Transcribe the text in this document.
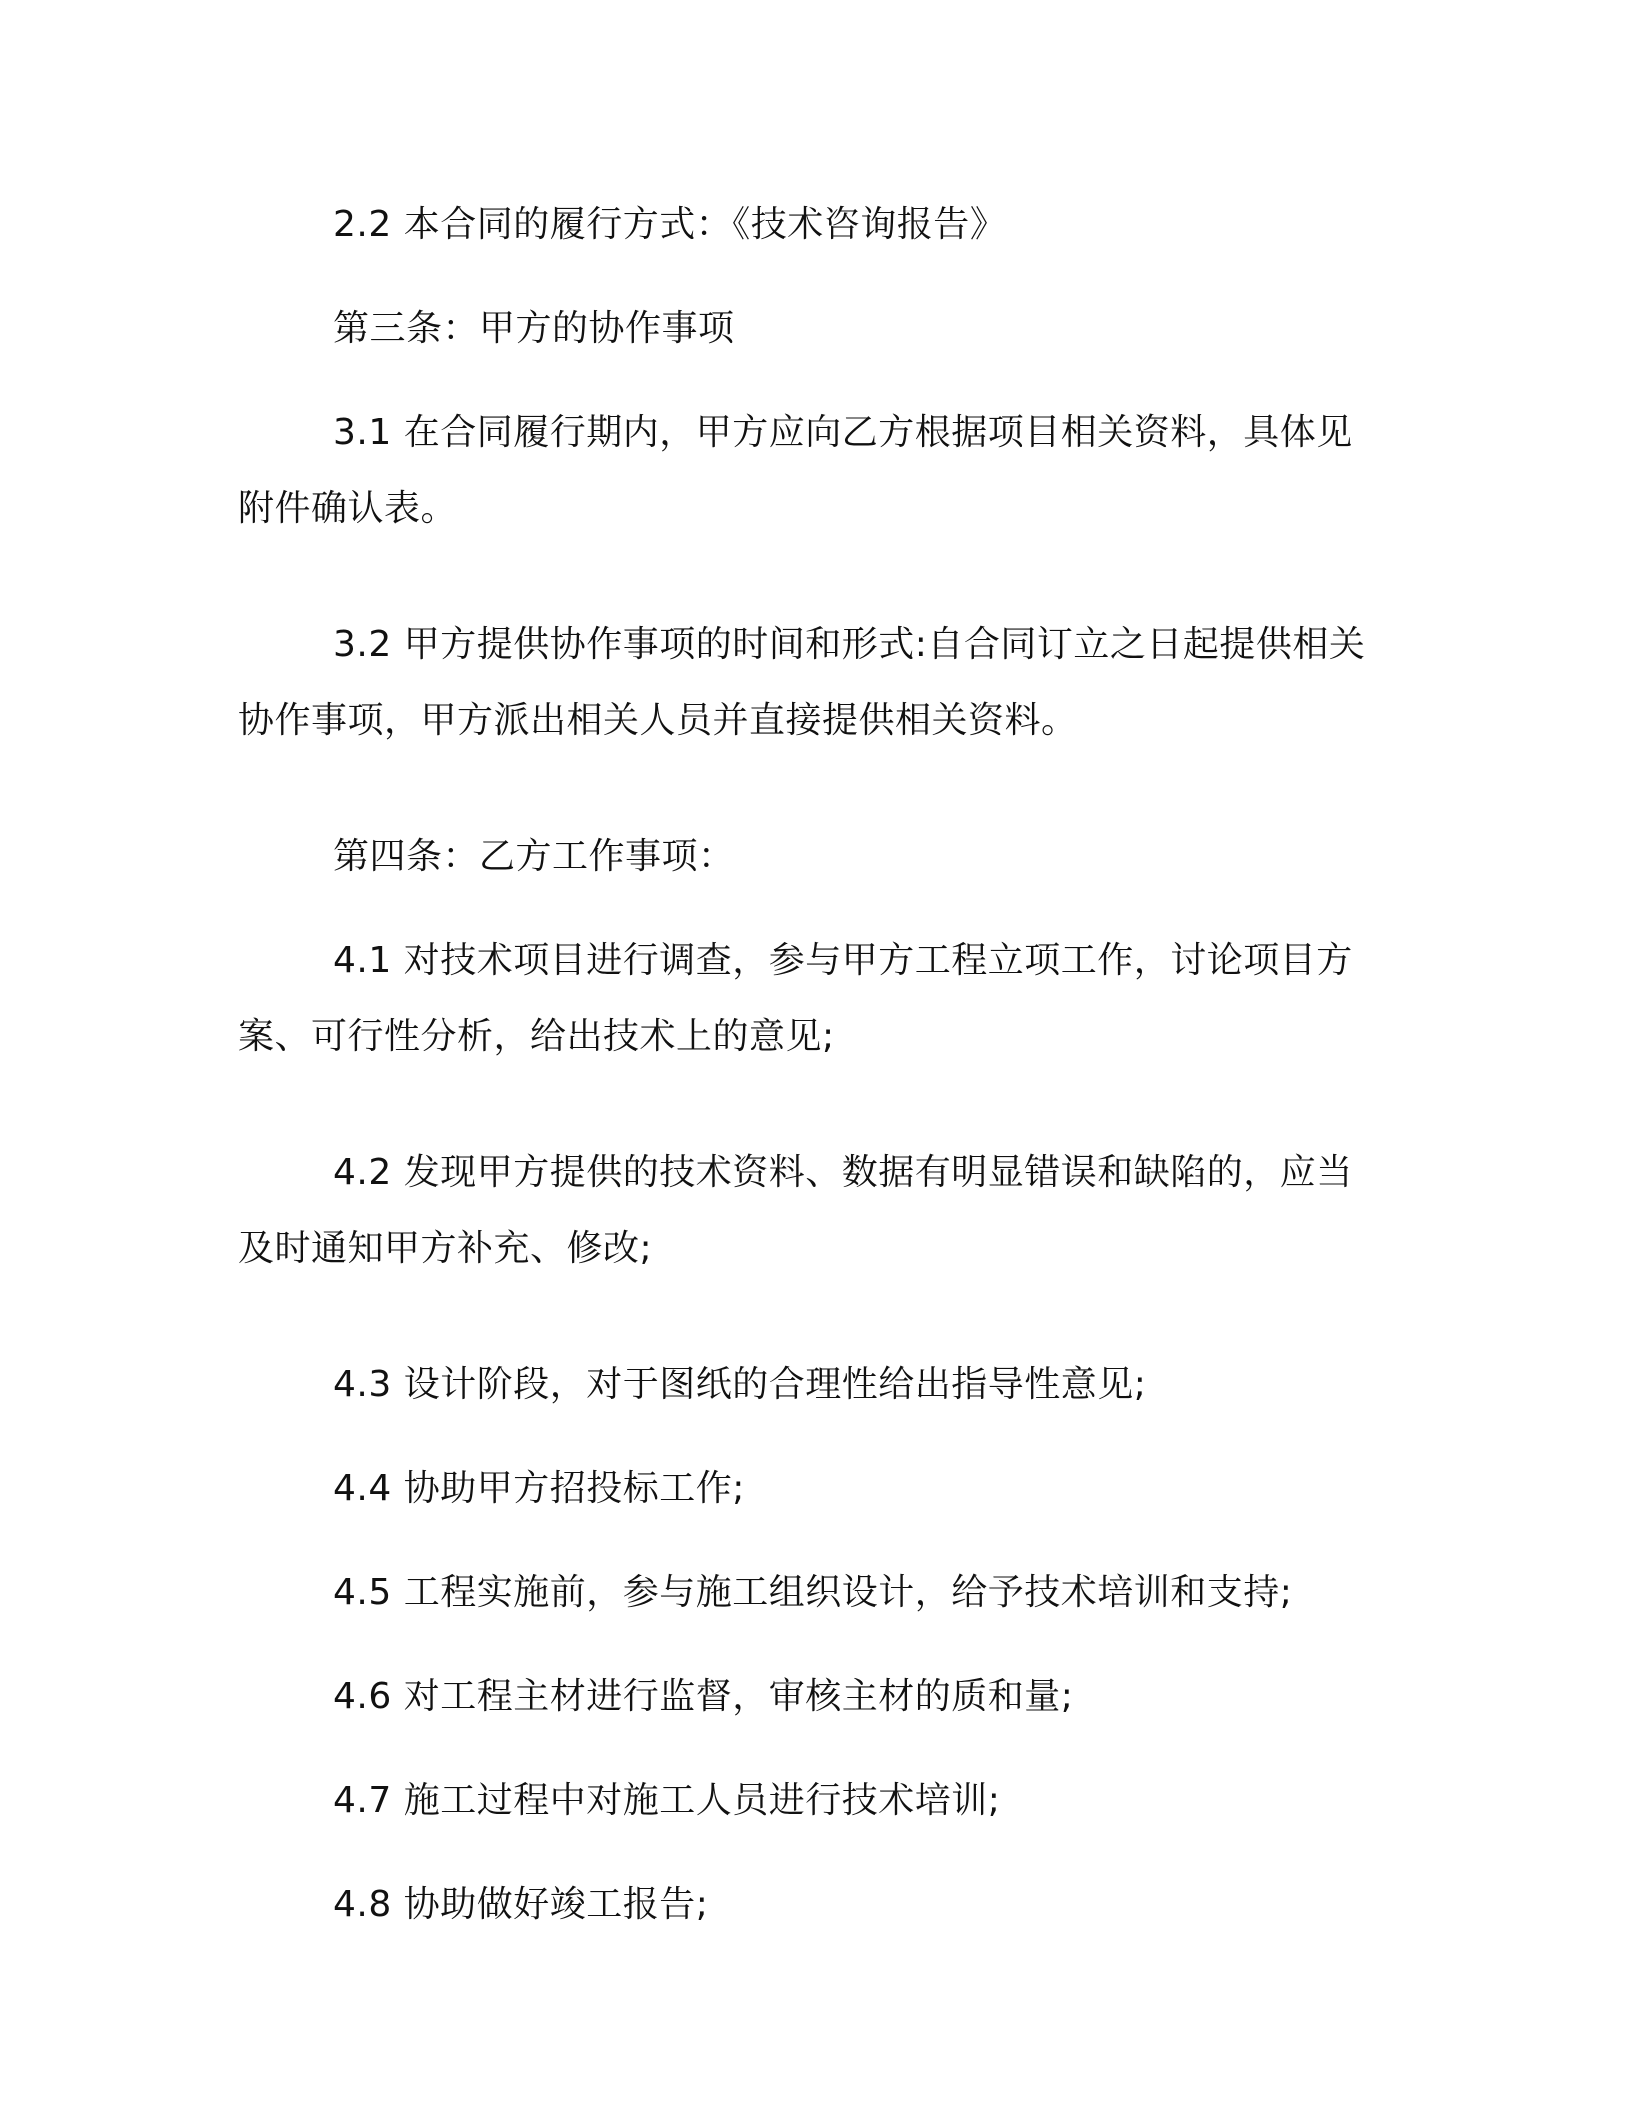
2.2 本合同的履行方式：《技术咨询报告》

第三条：甲方的协作事项

3.1 在合同履行期内，甲方应向乙方根据项目相关资料，具体见附件确认表。

3.2 甲方提供协作事项的时间和形式:自合同订立之日起提供相关协作事项，甲方派出相关人员并直接提供相关资料。

第四条：乙方工作事项：

4.1 对技术项目进行调查，参与甲方工程立项工作，讨论项目方案、可行性分析，给出技术上的意见;

4.2 发现甲方提供的技术资料、数据有明显错误和缺陷的，应当及时通知甲方补充、修改;

4.3 设计阶段，对于图纸的合理性给出指导性意见;

4.4 协助甲方招投标工作;

4.5 工程实施前，参与施工组织设计，给予技术培训和支持;

4.6 对工程主材进行监督，审核主材的质和量;

4.7 施工过程中对施工人员进行技术培训;

4.8 协助做好竣工报告;
